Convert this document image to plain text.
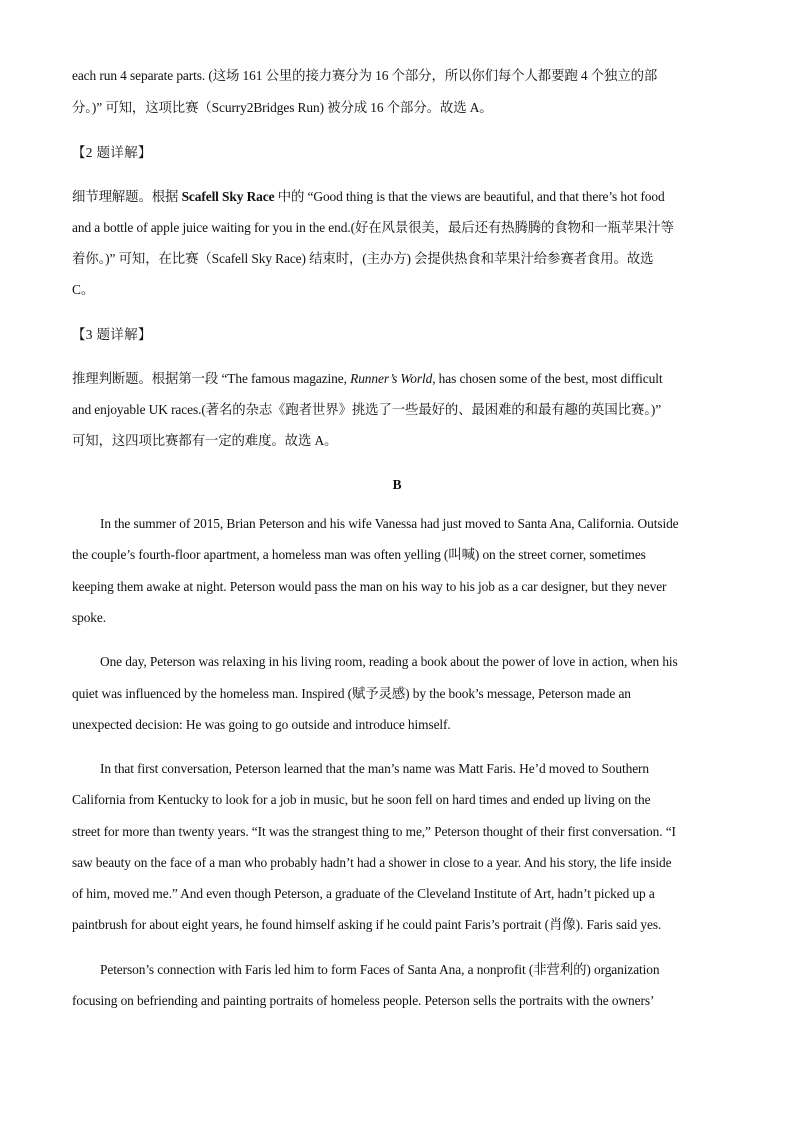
each run 4 separate parts. (这场 161 公里的接力赛分为 16 个部分，所以你们每个人都要跑 4 个独立的部
分。)” 可知，这项比赛（Scurry2Bridges Run) 被分成 16 个部分。故选 A。
【2 题详解】
细节理解题。根据 Scafell Sky Race 中的 “Good thing is that the views are beautiful, and that there’s hot food
and a bottle of apple juice waiting for you in the end.(好在风景很美，最后还有热腾腾的食物和一瓶苹果汁等
着你。)” 可知，在比赛（Scafell Sky Race) 结束时，(主办方) 会提供热食和苹果汁给参赛者食用。故选
C。
【3 题详解】
推理判断题。根据第一段 “The famous magazine, Runner’s World, has chosen some of the best, most difficult
and enjoyable UK races.(著名的杂志《跑者世界》挑选了一些最好的、最困难的和最有趣的英国比赛。)”
可知，这四项比赛都有一定的难度。故选 A。
B
In the summer of 2015, Brian Peterson and his wife Vanessa had just moved to Santa Ana, California. Outside
the couple’s fourth-floor apartment, a homeless man was often yelling (叫喊) on the street corner, sometimes
keeping them awake at night. Peterson would pass the man on his way to his job as a car designer, but they never
spoke.
One day, Peterson was relaxing in his living room, reading a book about the power of love in action, when his
quiet was influenced by the homeless man. Inspired (赋予灵感) by the book’s message, Peterson made an
unexpected decision: He was going to go outside and introduce himself.
In that first conversation, Peterson learned that the man’s name was Matt Faris. He’d moved to Southern
California from Kentucky to look for a job in music, but he soon fell on hard times and ended up living on the
street for more than twenty years. “It was the strangest thing to me,” Peterson thought of their first conversation. “I
saw beauty on the face of a man who probably hadn’t had a shower in close to a year. And his story, the life inside
of him, moved me.” And even though Peterson, a graduate of the Cleveland Institute of Art, hadn’t picked up a
paintbrush for about eight years, he found himself asking if he could paint Faris’s portrait (肖像). Faris said yes.
Peterson’s connection with Faris led him to form Faces of Santa Ana, a nonprofit (非营利的) organization
focusing on befriending and painting portraits of homeless people. Peterson sells the portraits with the owners’
